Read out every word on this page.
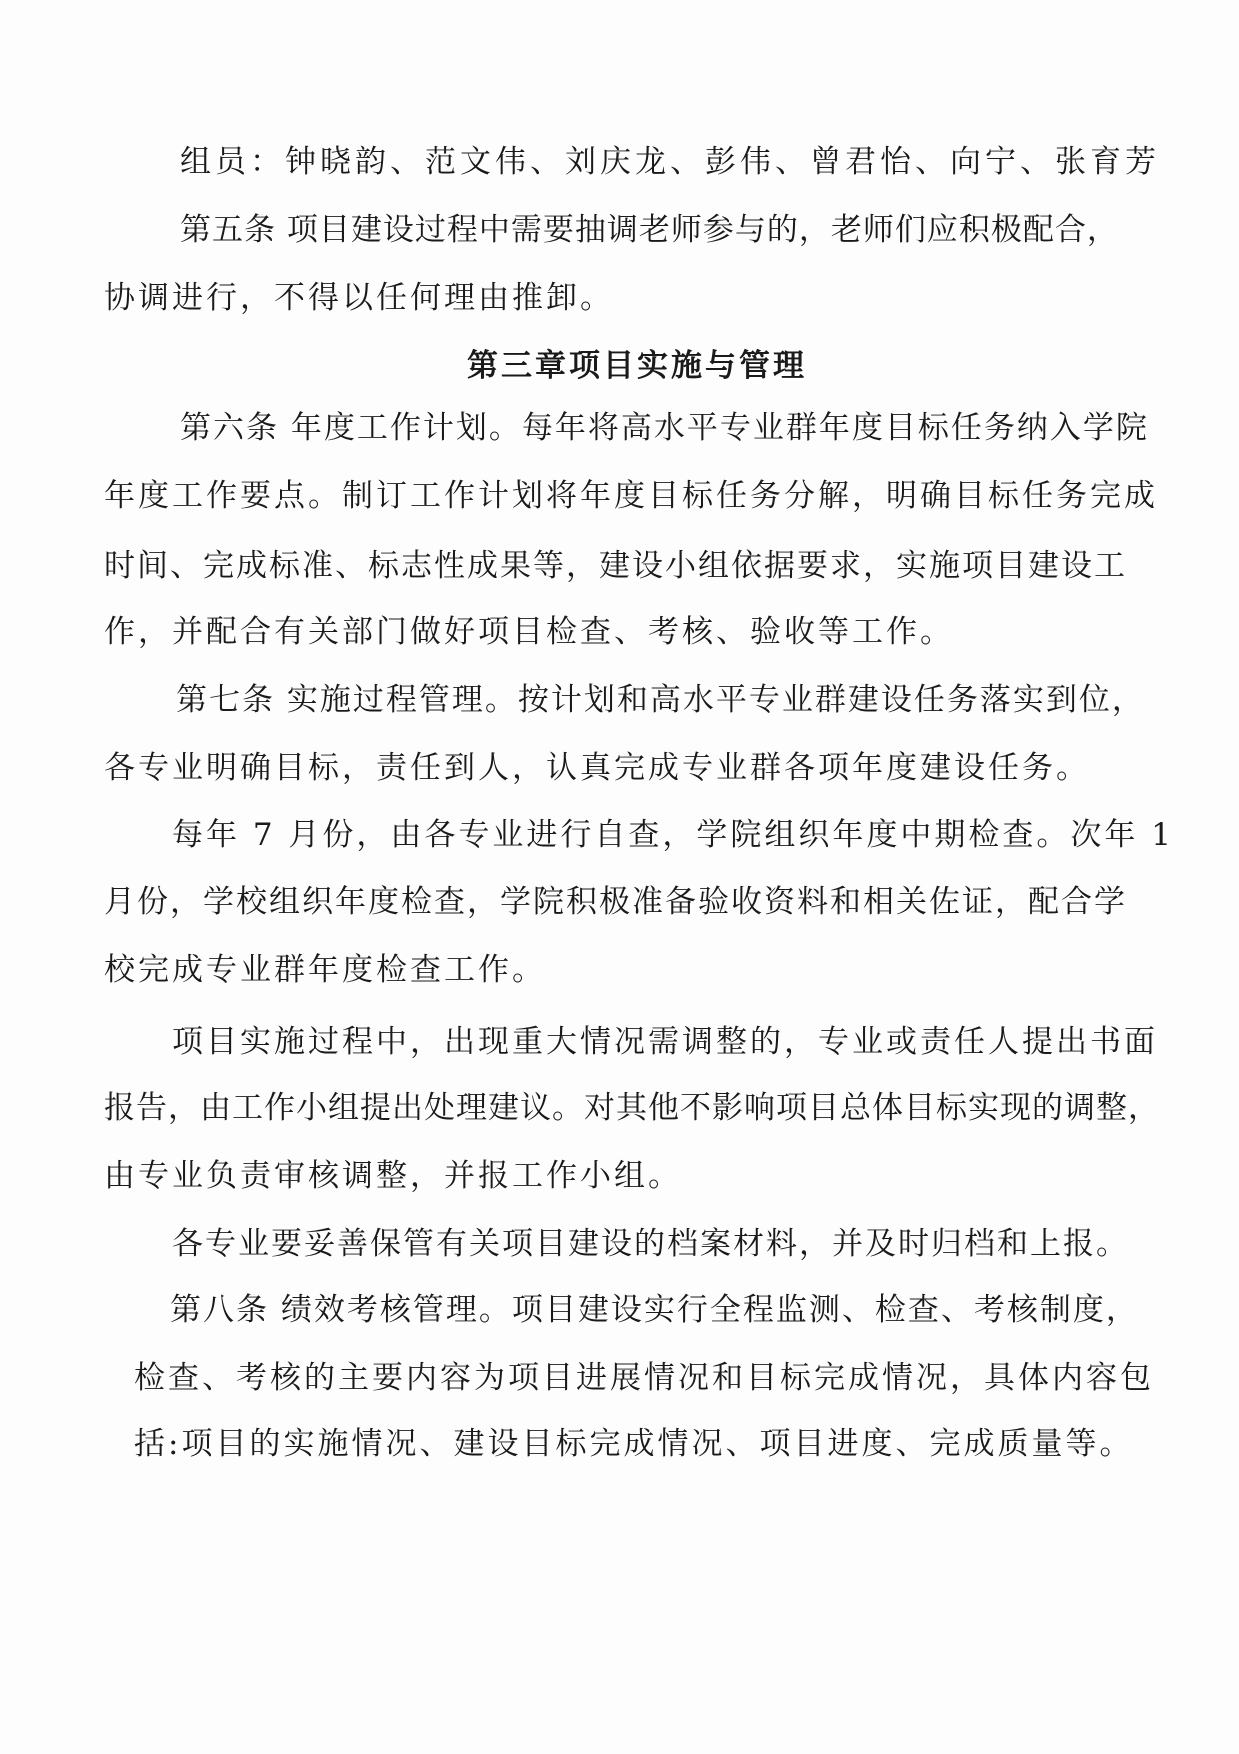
组员：钟晓韵、范文伟、刘庆龙、彭伟、曾君怡、向宁、张育芳
第五条 项目建设过程中需要抽调老师参与的，老师们应积极配合，
协调进行，不得以任何理由推卸。
第三章项目实施与管理
第六条 年度工作计划。每年将高水平专业群年度目标任务纳入学院
年度工作要点。制订工作计划将年度目标任务分解，明确目标任务完成
时间、完成标准、标志性成果等，建设小组依据要求，实施项目建设工
作，并配合有关部门做好项目检查、考核、验收等工作。
第七条 实施过程管理。按计划和高水平专业群建设任务落实到位，
各专业明确目标，责任到人，认真完成专业群各项年度建设任务。
每年 7 月份，由各专业进行自查，学院组织年度中期检查。次年 1
月份，学校组织年度检查，学院积极准备验收资料和相关佐证，配合学
校完成专业群年度检查工作。
项目实施过程中，出现重大情况需调整的，专业或责任人提出书面
报告，由工作小组提出处理建议。对其他不影响项目总体目标实现的调整，
由专业负责审核调整，并报工作小组。
各专业要妥善保管有关项目建设的档案材料，并及时归档和上报。
第八条 绩效考核管理。项目建设实行全程监测、检查、考核制度，
检查、考核的主要内容为项目进展情况和目标完成情况，具体内容包
括:项目的实施情况、建设目标完成情况、项目进度、完成质量等。
